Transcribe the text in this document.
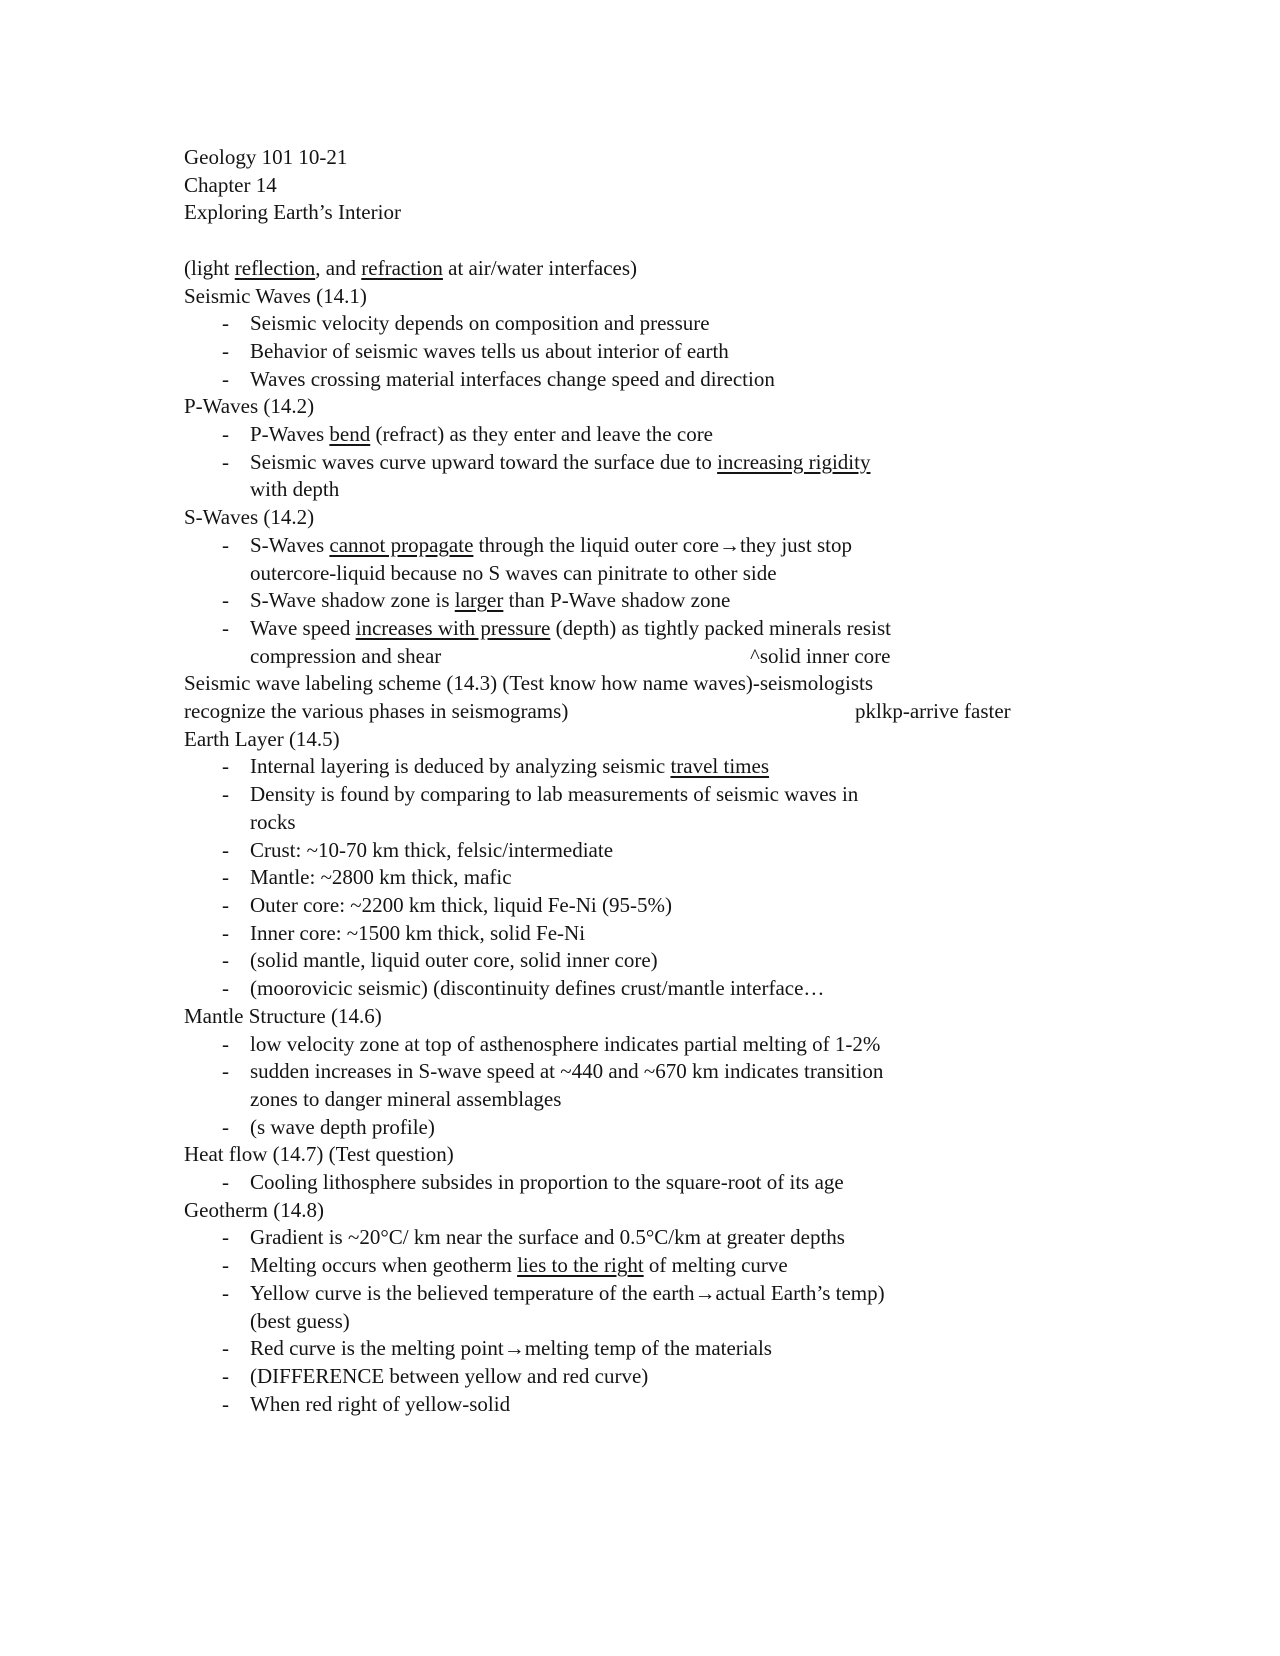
Geology 101 10-21
Chapter 14
Exploring Earth’s Interior

(light reflection, and refraction at air/water interfaces)
Seismic Waves (14.1)
- Seismic velocity depends on composition and pressure
- Behavior of seismic waves tells us about interior of earth
- Waves crossing material interfaces change speed and direction
P-Waves (14.2)
- P-Waves bend (refract) as they enter and leave the core
- Seismic waves curve upward toward the surface due to increasing rigidity
with depth
S-Waves (14.2)
- S-Waves cannot propagate through the liquid outer core→they just stop
outercore-liquid because no S waves can pinitrate to other side
- S-Wave shadow zone is larger than P-Wave shadow zone
- Wave speed increases with pressure (depth) as tightly packed minerals resist
compression and shear	^solid inner core
Seismic wave labeling scheme (14.3) (Test know how name waves)-seismologists
recognize the various phases in seismograms)	pklkp-arrive faster
Earth Layer (14.5)
- Internal layering is deduced by analyzing seismic travel times
- Density is found by comparing to lab measurements of seismic waves in
rocks
- Crust: ~10-70 km thick, felsic/intermediate
- Mantle: ~2800 km thick, mafic
- Outer core: ~2200 km thick, liquid Fe-Ni (95-5%)
- Inner core: ~1500 km thick, solid Fe-Ni
- (solid mantle, liquid outer core, solid inner core)
- (moorovicic seismic) (discontinuity defines crust/mantle interface…
Mantle Structure (14.6)
- low velocity zone at top of asthenosphere indicates partial melting of 1-2%
- sudden increases in S-wave speed at ~440 and ~670 km indicates transition
zones to danger mineral assemblages
- (s wave depth profile)
Heat flow (14.7) (Test question)
- Cooling lithosphere subsides in proportion to the square-root of its age
Geotherm (14.8)
- Gradient is ~20°C/ km near the surface and 0.5°C/km at greater depths
- Melting occurs when geotherm lies to the right of melting curve
- Yellow curve is the believed temperature of the earth→actual Earth’s temp)
(best guess)
- Red curve is the melting point→melting temp of the materials
- (DIFFERENCE between yellow and red curve)
- When red right of yellow-solid
